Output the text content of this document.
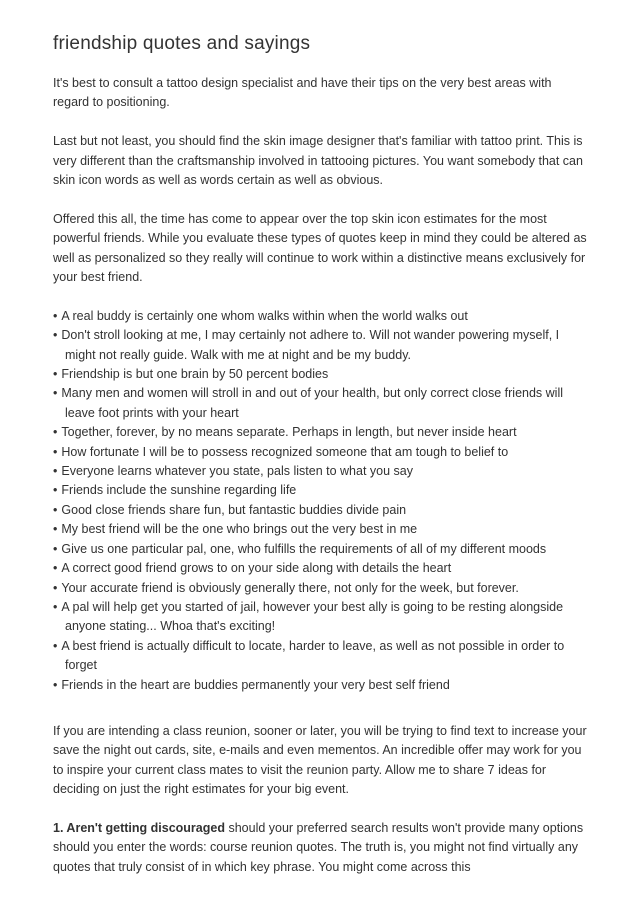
friendship quotes and sayings

It's best to consult a tattoo design specialist and have their tips on the very best areas with regard to positioning.

Last but not least, you should find the skin image designer that's familiar with tattoo print. This is very different than the craftsmanship involved in tattooing pictures. You want somebody that can skin icon words as well as words certain as well as obvious.

Offered this all, the time has come to appear over the top skin icon estimates for the most powerful friends. While you evaluate these types of quotes keep in mind they could be altered as well as personalized so they really will continue to work within a distinctive means exclusively for your best friend.

• A real buddy is certainly one whom walks within when the world walks out
• Don't stroll looking at me, I may certainly not adhere to. Will not wander powering myself, I might not really guide. Walk with me at night and be my buddy.
• Friendship is but one brain by 50 percent bodies
• Many men and women will stroll in and out of your health, but only correct close friends will leave foot prints with your heart
• Together, forever, by no means separate. Perhaps in length, but never inside heart
• How fortunate I will be to possess recognized someone that am tough to belief to
• Everyone learns whatever you state, pals listen to what you say
• Friends include the sunshine regarding life
• Good close friends share fun, but fantastic buddies divide pain
• My best friend will be the one who brings out the very best in me
• Give us one particular pal, one, who fulfills the requirements of all of my different moods
• A correct good friend grows to on your side along with details the heart
• Your accurate friend is obviously generally there, not only for the week, but forever.
• A pal will help get you started of jail, however your best ally is going to be resting alongside anyone stating... Whoa that's exciting!
• A best friend is actually difficult to locate, harder to leave, as well as not possible in order to forget
• Friends in the heart are buddies permanently your very best self friend

If you are intending a class reunion, sooner or later, you will be trying to find text to increase your save the night out cards, site, e-mails and even mementos. An incredible offer may work for you to inspire your current class mates to visit the reunion party. Allow me to share 7 ideas for deciding on just the right estimates for your big event.

1. Aren't getting discouraged should your preferred search results won't provide many options should you enter the words: course reunion quotes. The truth is, you might not find virtually any quotes that truly consist of in which key phrase. You might come across this
